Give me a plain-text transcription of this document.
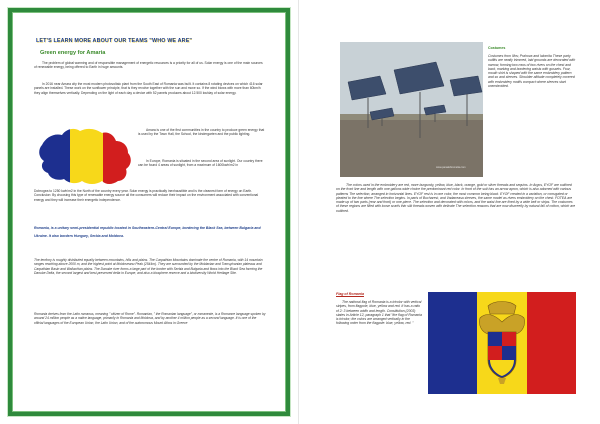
LET'S LEARN MORE ABOUT OUR TEAMS "WHO WE ARE"
Green energy for Amaria

The problem of global warming and of responsible management of energetic resources is a priority for all of us. Solar energy is one of the main sources of renewable energy, being offered to Earth in huge amounts.

In 2016 near Amara city the most modern photovoltaic plant from the South East of Romania was built. It contains 8 rotating devices on which 416 solar panels are installed. These work on the sunflower principle, that is they revolve together with the sun and move so. If the wind blows with more than 60km/h they align themselves vertically. Depending on the light of each day a device with 52 panels produces about 12.500 kw/day of solar energy.

Amara is one of the first communities in the country to produce green energy that is used by the Town Hall, the School, the kindergarten and the public lighting.

In Europe, Romania is situated in the second area of sunlight. Our country there can be found 4 areas of sunlight, from a maximum of 1600kwh/m2 in

Dobrogea to 1250 kwh/m2 in the North of the country every year. Solar energy is practically inexhaustible and is the cleanest form of energy on Earth. Conclusion: By choosing this type of renewable energy source all the consumers will reduce their impact on the environment associated with conventional energy and they will increase their energetic independence.

Romania, is a unitary semi-presidential republic located in Southeastern-Central Europe, bordering the Black Sea, between Bulgaria and Ukraine. It also borders Hungary, Serbia and Moldova.

The territory is roughly distributed equally between mountains, hills and plains. The Carpathian Mountains dominate the centre of Romania, with 14 mountain ranges reaching above 2000 m, and the highest point at Moldoveanu Peak (2544m). They are surrounded by the Moldavian and Transylvanian plateaus and Carpathian Basin and Wallachian plains. The Danube river forms a large part of the border with Serbia and Bulgaria and flows into the Black Sea forming the Danube Delta, the second largest and best-preserved delta in Europe, and also a biosphere reserve and a biodiversity World Heritage Site.

Romania derives from the Latin romanus, meaning " citizen of Rome". Romanian, " the Romanian language", or romaneste, is a Romance language spoken by around 24 million people as a native language, primarily in Romania and Moldova, and by another 4 million people as a second language. It is one of the official languages of the European Union, the Latin Union, and of the autonomous Mount Athos in Greece

www.panalebromelia.com
Costumes

Costumes from Ilfov, Prahova and Ialomita These party outfits are neatly trimmed, laid grounds are decorated with narrow, forming two rows of two rivers on the chest and back, marking and bordering waists with gussets. Four, mouth shirt is shaped with the same embroidery pattern and so and sleeves. Shoulder altitude completely covered with embroidery motifs compact where sleeves start unembroided.

The colors used in the embroidery are red, more burgundy, yellow, blue, black, orange, gold or silver threads and sequins. In Argos, EYOF are outlined on the front line and length with one gallons wide choice the predominant red color. In front of the suit has an arrow apron, which is also adorned with various patterns The selection, arranged in horizontal lines. EYOF rest is in one color, the most common being black. EYOF created in a variation, or corrugated or pleated to the line where The selection begins. In parts of Bucharest, and Vadaneasa sleeves, the same model as rivers embroidery on the chest. FOTEA are made up of two parts (rear and front) or one-piece. The selection and decorated with colors, and the waist line are fixed by a wide belt or strips. The costumes of these regions are filled with loose scarfs thin silk threads woven with delicate The selection reasons that are now discreetly by natural fall of cotton, which are outlined.

Flag of Romania

The national flag of Romania is a tricolor with vertical stripes, from flagpole, blue, yellow and red. It has a ratio of 2: 3 between width and length. Constitution (2003) states in Article 12, paragraph 1 that "the flag of Romania is tricolor; the colors are arranged vertically in the following order from the flagpole: blue, yellow, red. "
